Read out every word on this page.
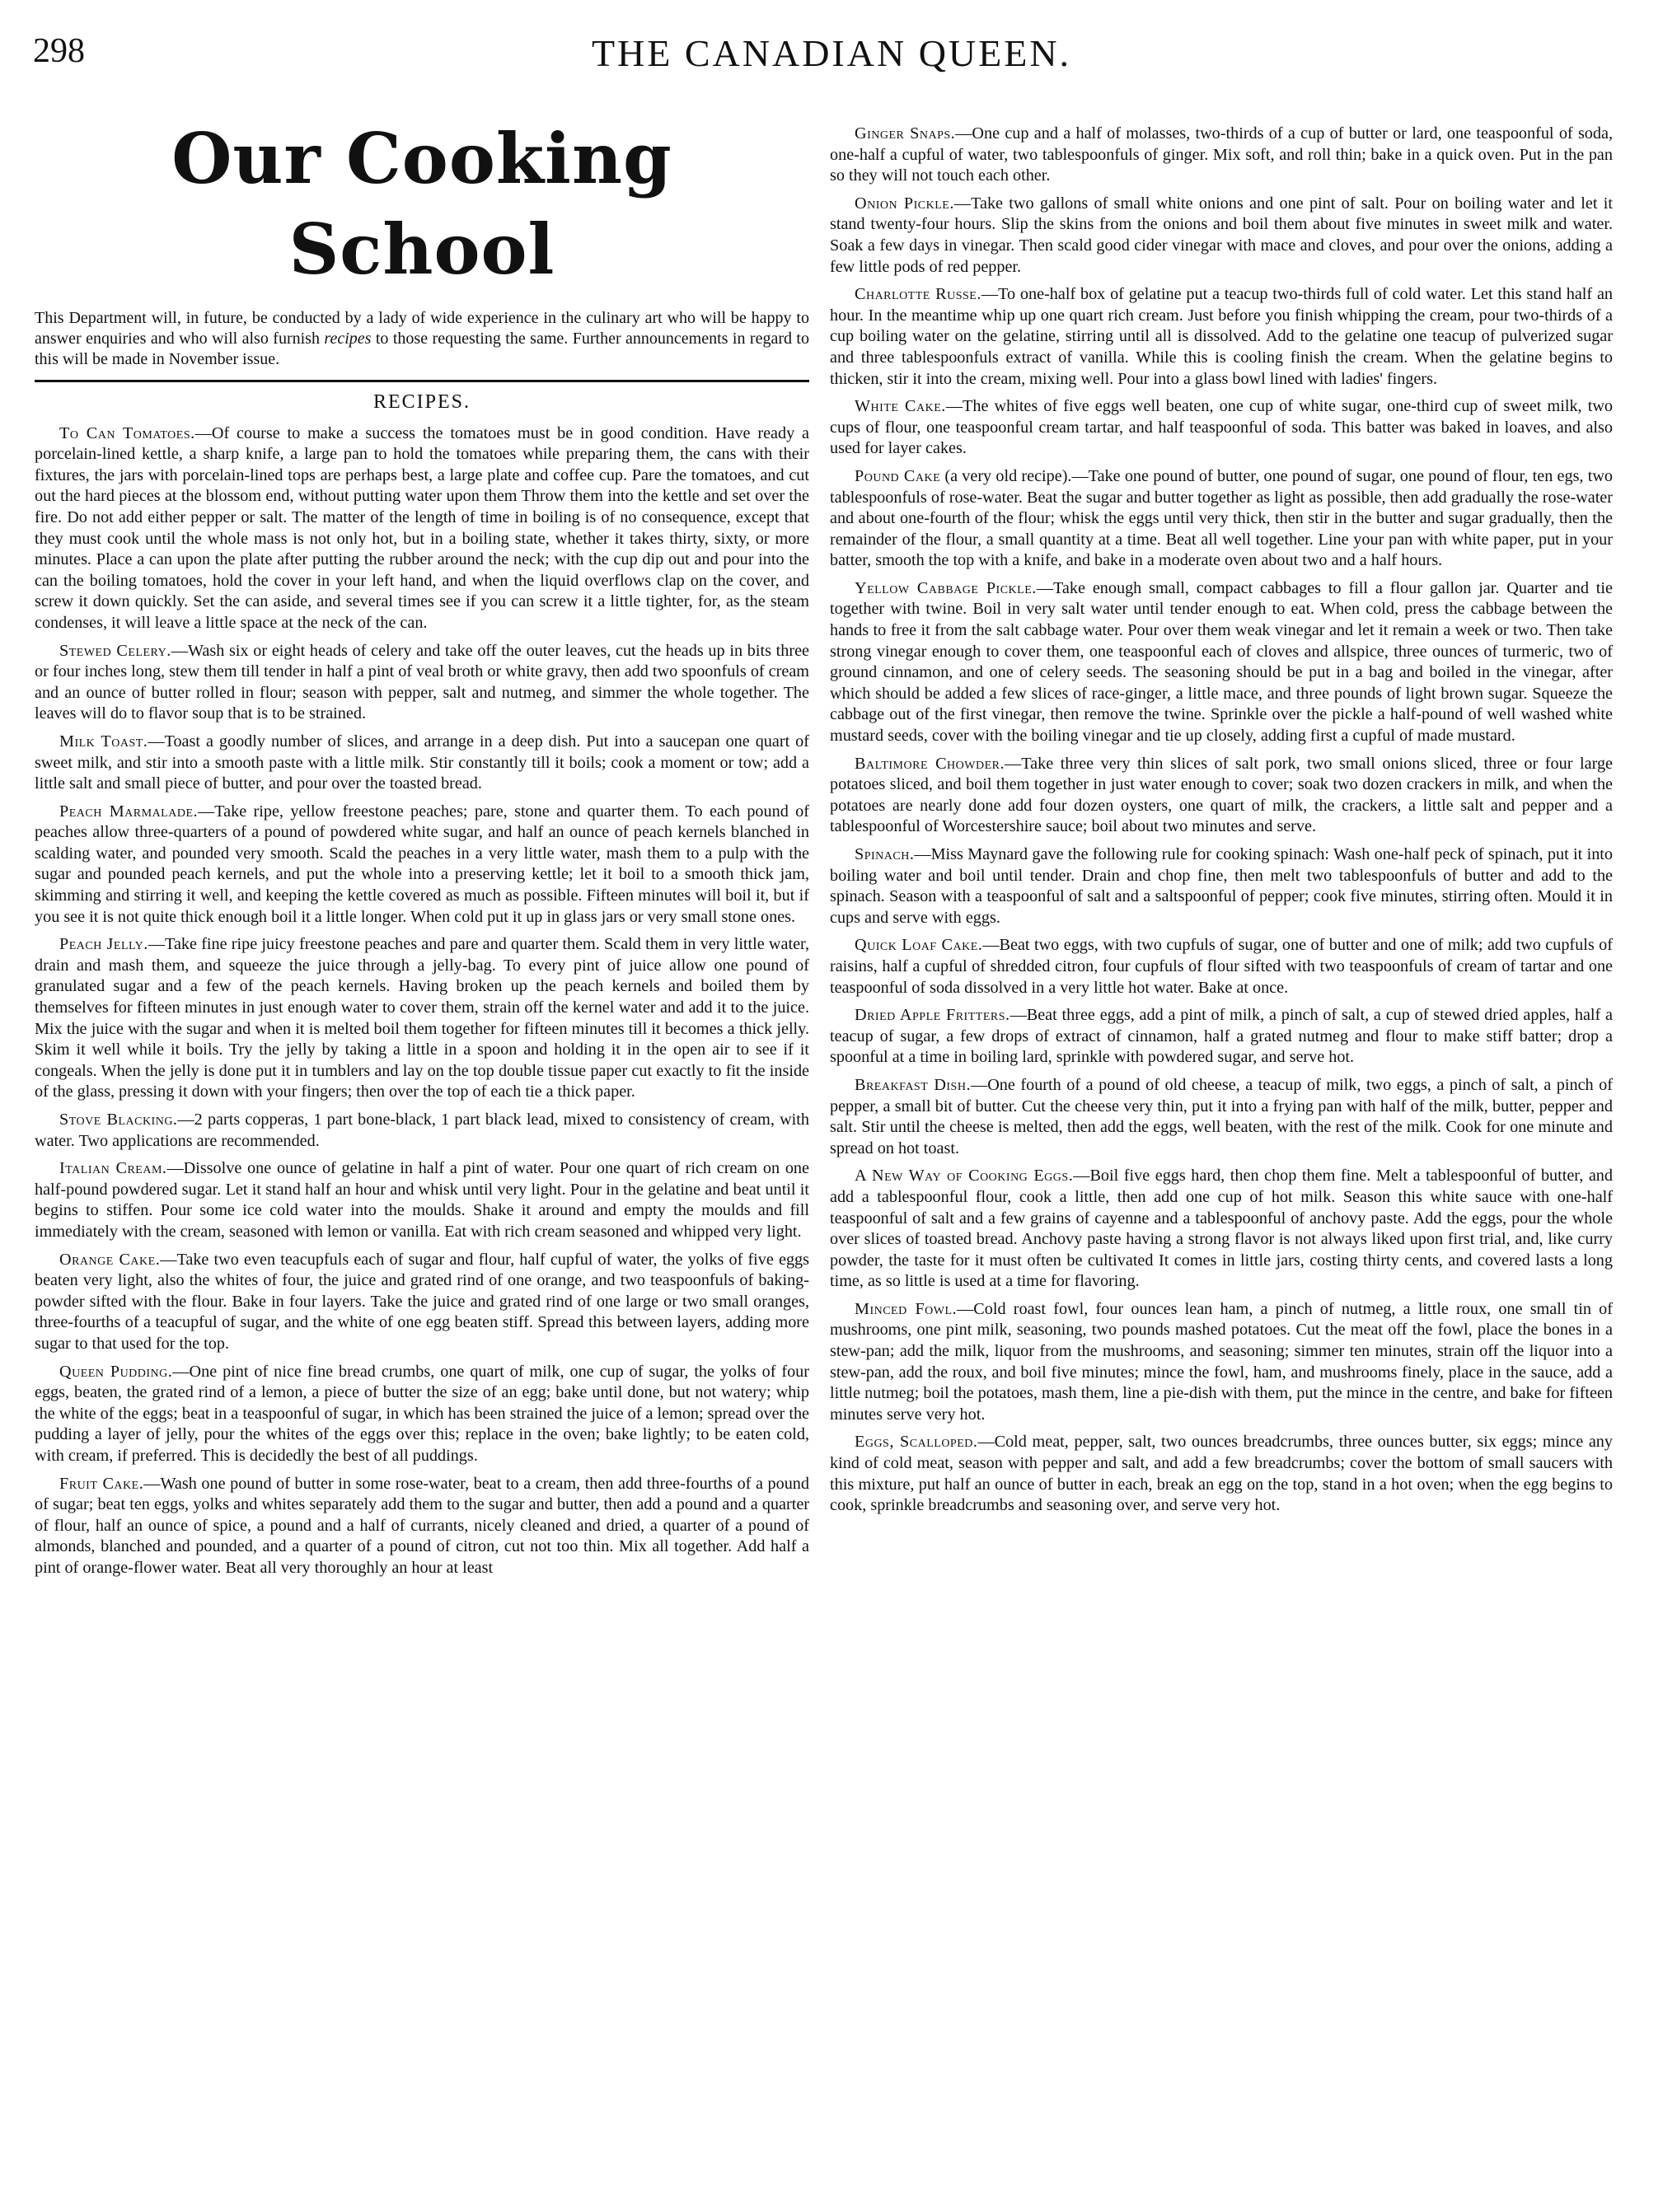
298	THE CANADIAN QUEEN.
Our Cooking School

This Department will, in future, be conducted by a lady of wide experience in the culinary art who will be happy to answer enquiries and who will also furnish recipes to those requesting the same. Further announcements in regard to this will be made in November issue.

RECIPES.

To Can Tomatoes.—Of course to make a success the tomatoes must be in good condition. Have ready a porcelain-lined kettle, a sharp knife, a large pan to hold the tomatoes while preparing them, the cans with their fixtures, the jars with porcelain-lined tops are perhaps best, a large plate and coffee cup. Pare the tomatoes, and cut out the hard pieces at the blossom end, without putting water upon them Throw them into the kettle and set over the fire. Do not add either pepper or salt. The matter of the length of time in boiling is of no consequence, except that they must cook until the whole mass is not only hot, but in a boiling state, whether it takes thirty, sixty, or more minutes. Place a can upon the plate after putting the rubber around the neck; with the cup dip out and pour into the can the boiling tomatoes, hold the cover in your left hand, and when the liquid overflows clap on the cover, and screw it down quickly. Set the can aside, and several times see if you can screw it a little tighter, for, as the steam condenses, it will leave a little space at the neck of the can.

Stewed Celery.—Wash six or eight heads of celery and take off the outer leaves, cut the heads up in bits three or four inches long, stew them till tender in half a pint of veal broth or white gravy, then add two spoonfuls of cream and an ounce of butter rolled in flour; season with pepper, salt and nutmeg, and simmer the whole together. The leaves will do to flavor soup that is to be strained.

Milk Toast.—Toast a goodly number of slices, and arrange in a deep dish. Put into a saucepan one quart of sweet milk, and stir into a smooth paste with a little milk. Stir constantly till it boils; cook a moment or tow; add a little salt and small piece of butter, and pour over the toasted bread.

Peach Marmalade.—Take ripe, yellow freestone peaches; pare, stone and quarter them. To each pound of peaches allow three-quarters of a pound of powdered white sugar, and half an ounce of peach kernels blanched in scalding water, and pounded very smooth. Scald the peaches in a very little water, mash them to a pulp with the sugar and pounded peach kernels, and put the whole into a preserving kettle; let it boil to a smooth thick jam, skimming and stirring it well, and keeping the kettle covered as much as possible. Fifteen minutes will boil it, but if you see it is not quite thick enough boil it a little longer. When cold put it up in glass jars or very small stone ones.

Peach Jelly.—Take fine ripe juicy freestone peaches and pare and quarter them. Scald them in very little water, drain and mash them, and squeeze the juice through a jelly-bag. To every pint of juice allow one pound of granulated sugar and a few of the peach kernels. Having broken up the peach kernels and boiled them by themselves for fifteen minutes in just enough water to cover them, strain off the kernel water and add it to the juice. Mix the juice with the sugar and when it is melted boil them together for fifteen minutes till it becomes a thick jelly. Skim it well while it boils. Try the jelly by taking a little in a spoon and holding it in the open air to see if it congeals. When the jelly is done put it in tumblers and lay on the top double tissue paper cut exactly to fit the inside of the glass, pressing it down with your fingers; then over the top of each tie a thick paper.

Stove Blacking.—2 parts copperas, 1 part bone-black, 1 part black lead, mixed to consistency of cream, with water. Two applications are recommended.

Italian Cream.—Dissolve one ounce of gelatine in half a pint of water. Pour one quart of rich cream on one half-pound powdered sugar. Let it stand half an hour and whisk until very light. Pour in the gelatine and beat until it begins to stiffen. Pour some ice cold water into the moulds. Shake it around and empty the moulds and fill immediately with the cream, seasoned with lemon or vanilla. Eat with rich cream seasoned and whipped very light.

Orange Cake.—Take two even teacupfuls each of sugar and flour, half cupful of water, the yolks of five eggs beaten very light, also the whites of four, the juice and grated rind of one orange, and two teaspoonfuls of baking-powder sifted with the flour. Bake in four layers. Take the juice and grated rind of one large or two small oranges, three-fourths of a teacupful of sugar, and the white of one egg beaten stiff. Spread this between layers, adding more sugar to that used for the top.

Queen Pudding.—One pint of nice fine bread crumbs, one quart of milk, one cup of sugar, the yolks of four eggs, beaten, the grated rind of a lemon, a piece of butter the size of an egg; bake until done, but not watery; whip the white of the eggs; beat in a teaspoonful of sugar, in which has been strained the juice of a lemon; spread over the pudding a layer of jelly, pour the whites of the eggs over this; replace in the oven; bake lightly; to be eaten cold, with cream, if preferred. This is decidedly the best of all puddings.

Fruit Cake.—Wash one pound of butter in some rose-water, beat to a cream, then add three-fourths of a pound of sugar; beat ten eggs, yolks and whites separately add them to the sugar and butter, then add a pound and a quarter of flour, half an ounce of spice, a pound and a half of currants, nicely cleaned and dried, a quarter of a pound of almonds, blanched and pounded, and a quarter of a pound of citron, cut not too thin. Mix all together. Add half a pint of orange-flower water. Beat all very thoroughly an hour at least

Ginger Snaps.—One cup and a half of molasses, two-thirds of a cup of butter or lard, one teaspoonful of soda, one-half a cupful of water, two tablespoonfuls of ginger. Mix soft, and roll thin; bake in a quick oven. Put in the pan so they will not touch each other.

Onion Pickle.—Take two gallons of small white onions and one pint of salt. Pour on boiling water and let it stand twenty-four hours. Slip the skins from the onions and boil them about five minutes in sweet milk and water. Soak a few days in vinegar. Then scald good cider vinegar with mace and cloves, and pour over the onions, adding a few little pods of red pepper.

Charlotte Russe.—To one-half box of gelatine put a teacup two-thirds full of cold water. Let this stand half an hour. In the meantime whip up one quart rich cream. Just before you finish whipping the cream, pour two-thirds of a cup boiling water on the gelatine, stirring until all is dissolved. Add to the gelatine one teacup of pulverized sugar and three tablespoonfuls extract of vanilla. While this is cooling finish the cream. When the gelatine begins to thicken, stir it into the cream, mixing well. Pour into a glass bowl lined with ladies' fingers.

White Cake.—The whites of five eggs well beaten, one cup of white sugar, one-third cup of sweet milk, two cups of flour, one teaspoonful cream tartar, and half teaspoonful of soda. This batter was baked in loaves, and also used for layer cakes.

Pound Cake (a very old recipe).—Take one pound of butter, one pound of sugar, one pound of flour, ten egs, two tablespoonfuls of rose-water. Beat the sugar and butter together as light as possible, then add gradually the rose-water and about one-fourth of the flour; whisk the eggs until very thick, then stir in the butter and sugar gradually, then the remainder of the flour, a small quantity at a time. Beat all well together. Line your pan with white paper, put in your batter, smooth the top with a knife, and bake in a moderate oven about two and a half hours.

Yellow Cabbage Pickle.—Take enough small, compact cabbages to fill a flour gallon jar. Quarter and tie together with twine. Boil in very salt water until tender enough to eat. When cold, press the cabbage between the hands to free it from the salt cabbage water. Pour over them weak vinegar and let it remain a week or two. Then take strong vinegar enough to cover them, one teaspoonful each of cloves and allspice, three ounces of turmeric, two of ground cinnamon, and one of celery seeds. The seasoning should be put in a bag and boiled in the vinegar, after which should be added a few slices of race-ginger, a little mace, and three pounds of light brown sugar. Squeeze the cabbage out of the first vinegar, then remove the twine. Sprinkle over the pickle a half-pound of well washed white mustard seeds, cover with the boiling vinegar and tie up closely, adding first a cupful of made mustard.

Baltimore Chowder.—Take three very thin slices of salt pork, two small onions sliced, three or four large potatoes sliced, and boil them together in just water enough to cover; soak two dozen crackers in milk, and when the potatoes are nearly done add four dozen oysters, one quart of milk, the crackers, a little salt and pepper and a tablespoonful of Worcestershire sauce; boil about two minutes and serve.

Spinach.—Miss Maynard gave the following rule for cooking spinach: Wash one-half peck of spinach, put it into boiling water and boil until tender. Drain and chop fine, then melt two tablespoonfuls of butter and add to the spinach. Season with a teaspoonful of salt and a saltspoonful of pepper; cook five minutes, stirring often. Mould it in cups and serve with eggs.

Quick Loaf Cake.—Beat two eggs, with two cupfuls of sugar, one of butter and one of milk; add two cupfuls of raisins, half a cupful of shredded citron, four cupfuls of flour sifted with two teaspoonfuls of cream of tartar and one teaspoonful of soda dissolved in a very little hot water. Bake at once.

Dried Apple Fritters.—Beat three eggs, add a pint of milk, a pinch of salt, a cup of stewed dried apples, half a teacup of sugar, a few drops of extract of cinnamon, half a grated nutmeg and flour to make stiff batter; drop a spoonful at a time in boiling lard, sprinkle with powdered sugar, and serve hot.

Breakfast Dish.—One fourth of a pound of old cheese, a teacup of milk, two eggs, a pinch of salt, a pinch of pepper, a small bit of butter. Cut the cheese very thin, put it into a frying pan with half of the milk, butter, pepper and salt. Stir until the cheese is melted, then add the eggs, well beaten, with the rest of the milk. Cook for one minute and spread on hot toast.

A New Way of Cooking Eggs.—Boil five eggs hard, then chop them fine. Melt a tablespoonful of butter, and add a tablespoonful flour, cook a little, then add one cup of hot milk. Season this white sauce with one-half teaspoonful of salt and a few grains of cayenne and a tablespoonful of anchovy paste. Add the eggs, pour the whole over slices of toasted bread. Anchovy paste having a strong flavor is not always liked upon first trial, and, like curry powder, the taste for it must often be cultivated It comes in little jars, costing thirty cents, and covered lasts a long time, as so little is used at a time for flavoring.

Minced Fowl.—Cold roast fowl, four ounces lean ham, a pinch of nutmeg, a little roux, one small tin of mushrooms, one pint milk, seasoning, two pounds mashed potatoes. Cut the meat off the fowl, place the bones in a stew-pan; add the milk, liquor from the mushrooms, and seasoning; simmer ten minutes, strain off the liquor into a stew-pan, add the roux, and boil five minutes; mince the fowl, ham, and mushrooms finely, place in the sauce, add a little nutmeg; boil the potatoes, mash them, line a pie-dish with them, put the mince in the centre, and bake for fifteen minutes serve very hot.

Eggs, Scalloped.—Cold meat, pepper, salt, two ounces breadcrumbs, three ounces butter, six eggs; mince any kind of cold meat, season with pepper and salt, and add a few breadcrumbs; cover the bottom of small saucers with this mixture, put half an ounce of butter in each, break an egg on the top, stand in a hot oven; when the egg begins to cook, sprinkle breadcrumbs and seasoning over, and serve very hot.
